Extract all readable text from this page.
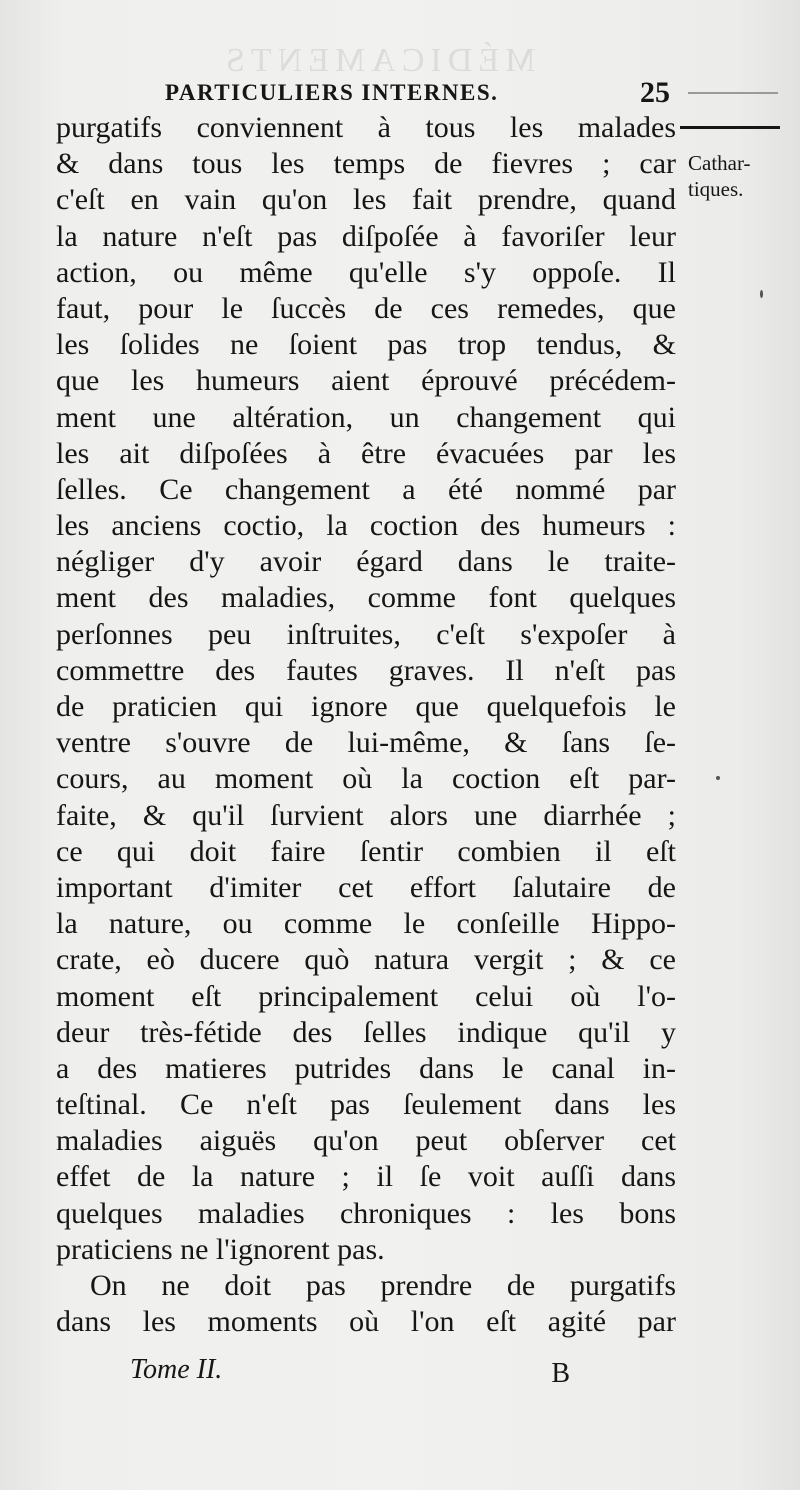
MÉDICAMENTS
PARTICULIERS INTERNES.	25
Cathar-
tiques.
purgatifs conviennent à tous les malades
& dans tous les temps de fievres ; car
c'eſt en vain qu'on les fait prendre, quand
la nature n'eſt pas diſpoſée à favoriſer leur
action, ou même qu'elle s'y oppoſe. Il
faut, pour le ſuccès de ces remedes, que
les ſolides ne ſoient pas trop tendus, &
que les humeurs aient éprouvé précédem-
ment une altération, un changement qui
les ait diſpoſées à être évacuées par les
ſelles. Ce changement a été nommé par
les anciens coctio, la coction des humeurs :
négliger d'y avoir égard dans le traite-
ment des maladies, comme font quelques
perſonnes peu inſtruites, c'eſt s'expoſer à
commettre des fautes graves. Il n'eſt pas
de praticien qui ignore que quelquefois le
ventre s'ouvre de lui-même, & ſans ſe-
cours, au moment où la coction eſt par-
faite, & qu'il ſurvient alors une diarrhée ;
ce qui doit faire ſentir combien il eſt
important d'imiter cet effort ſalutaire de
la nature, ou comme le conſeille Hippo-
crate, eò ducere quò natura vergit ; & ce
moment eſt principalement celui où l'o-
deur très-fétide des ſelles indique qu'il y
a des matieres putrides dans le canal in-
teſtinal. Ce n'eſt pas ſeulement dans les
maladies aiguës qu'on peut obſerver cet
effet de la nature ; il ſe voit auſſi dans
quelques maladies chroniques : les bons
praticiens ne l'ignorent pas.
On ne doit pas prendre de purgatifs
dans les moments où l'on eſt agité par
Tome II.	B
